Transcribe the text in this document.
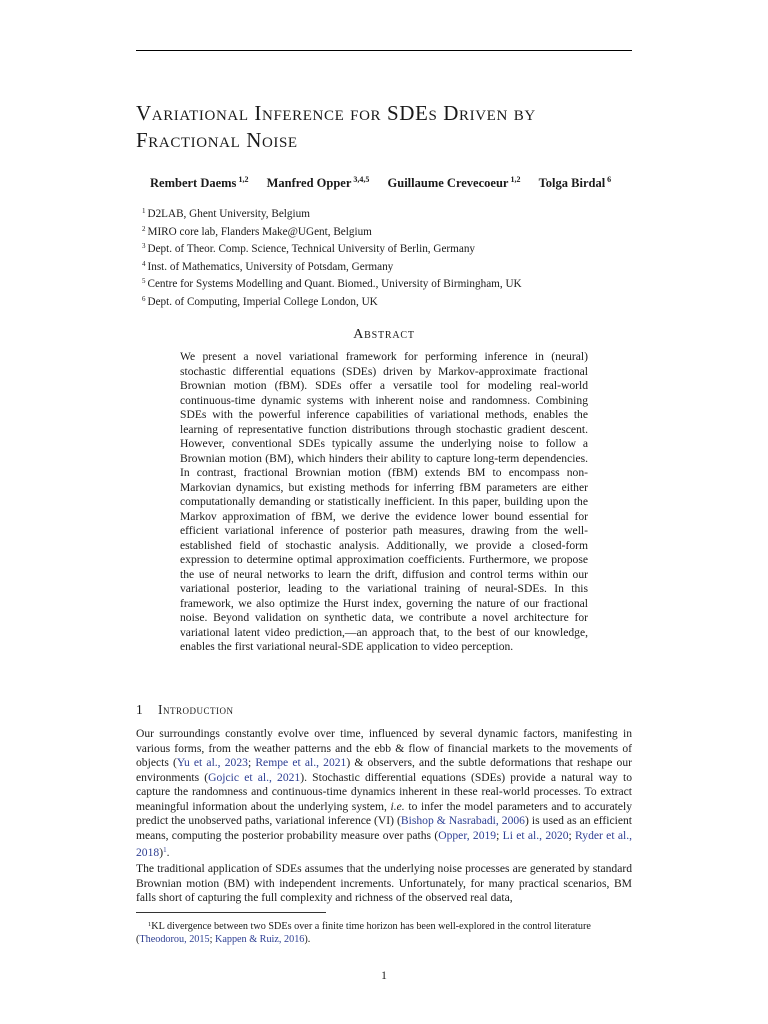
Variational Inference for SDEs Driven by
Fractional Noise
Rembert Daems $^{1,2}$ Manfred Opper $^{3,4,5}$ Guillaume Crevecoeur $^{1,2}$ Tolga Birdal $^6$
$^1$ D2LAB, Ghent University, Belgium
$^2$ MIRO core lab, Flanders Make@UGent, Belgium
$^3$ Dept. of Theor. Comp. Science, Technical University of Berlin, Germany
$^4$ Inst. of Mathematics, University of Potsdam, Germany
$^5$ Centre for Systems Modelling and Quant. Biomed., University of Birmingham, UK
$^6$ Dept. of Computing, Imperial College London, UK
Abstract
We present a novel variational framework for performing inference in (neural) stochastic differential equations (SDEs) driven by Markov-approximate fractional Brownian motion (fBM). SDEs offer a versatile tool for modeling real-world continuous-time dynamic systems with inherent noise and randomness. Combining SDEs with the powerful inference capabilities of variational methods, enables the learning of representative function distributions through stochastic gradient descent. However, conventional SDEs typically assume the underlying noise to follow a Brownian motion (BM), which hinders their ability to capture long-term dependencies. In contrast, fractional Brownian motion (fBM) extends BM to encompass non-Markovian dynamics, but existing methods for inferring fBM parameters are either computationally demanding or statistically inefficient. In this paper, building upon the Markov approximation of fBM, we derive the evidence lower bound essential for efficient variational inference of posterior path measures, drawing from the well-established field of stochastic analysis. Additionally, we provide a closed-form expression to determine optimal approximation coefficients. Furthermore, we propose the use of neural networks to learn the drift, diffusion and control terms within our variational posterior, leading to the variational training of neural-SDEs. In this framework, we also optimize the Hurst index, governing the nature of our fractional noise. Beyond validation on synthetic data, we contribute a novel architecture for variational latent video prediction,—an approach that, to the best of our knowledge, enables the first variational neural-SDE application to video perception.
1 Introduction
Our surroundings constantly evolve over time, influenced by several dynamic factors, manifesting in various forms, from the weather patterns and the ebb & flow of financial markets to the movements of objects (Yu et al., 2023; Rempe et al., 2021) & observers, and the subtle deformations that reshape our environments (Gojcic et al., 2021). Stochastic differential equations (SDEs) provide a natural way to capture the randomness and continuous-time dynamics inherent in these real-world processes. To extract meaningful information about the underlying system, i.e. to infer the model parameters and to accurately predict the unobserved paths, variational inference (VI) (Bishop & Nasrabadi, 2006) is used as an efficient means, computing the posterior probability measure over paths (Opper, 2019; Li et al., 2020; Ryder et al., 2018)$^1$.
The traditional application of SDEs assumes that the underlying noise processes are generated by standard Brownian motion (BM) with independent increments. Unfortunately, for many practical scenarios, BM falls short of capturing the full complexity and richness of the observed real data,
$^1$KL divergence between two SDEs over a finite time horizon has been well-explored in the control literature (Theodorou, 2015; Kappen & Ruiz, 2016).
1
